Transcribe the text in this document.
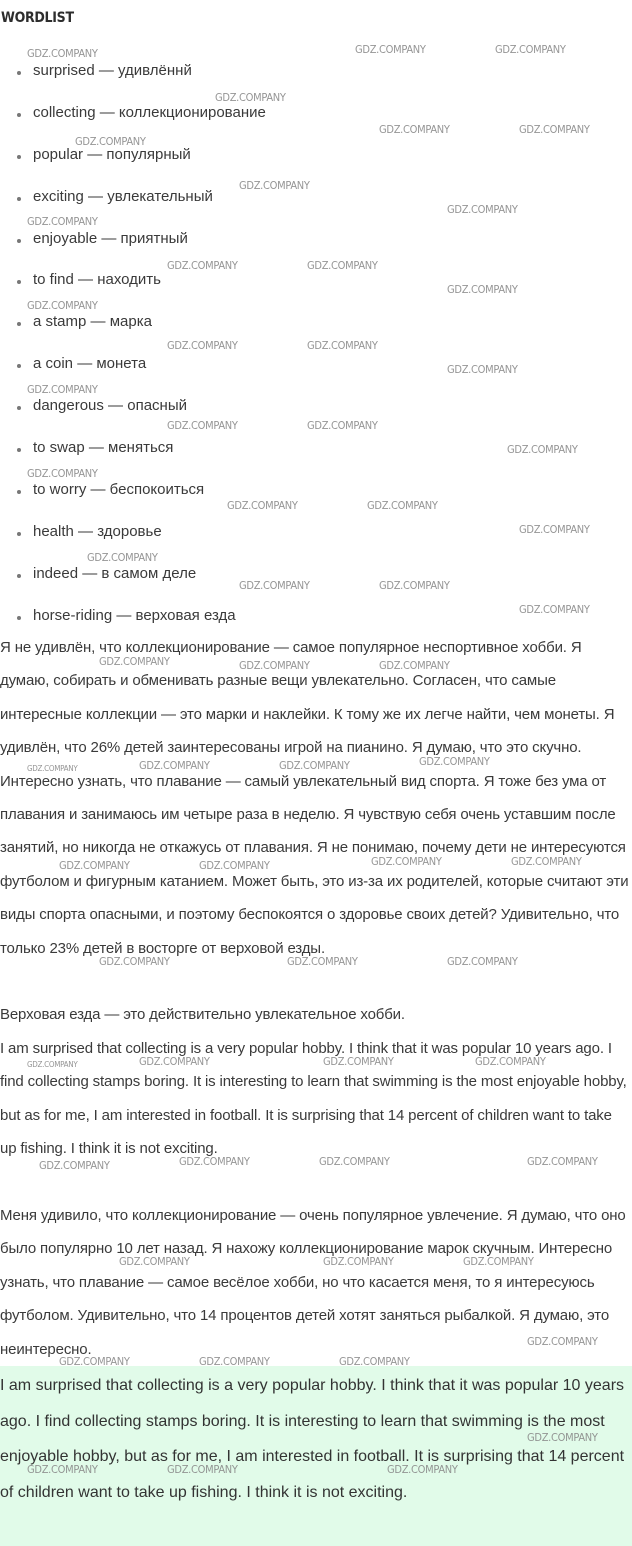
WORDLIST
surprised — удивлённй
collecting — коллекционирование
popular — популярный
exciting — увлекательный
enjoyable — приятный
to find — находить
a stamp — марка
a coin — монета
dangerous — опасный
to swap — меняться
to worry — беспокоиться
health — здоровье
indeed — в самом деле
horse-riding — верховая езда

Я не удивлён, что коллекционирование — самое популярное неспортивное хобби. Я думаю, собирать и обменивать разные вещи увлекательно. Согласен, что самые интересные коллекции — это марки и наклейки. К тому же их легче найти, чем монеты. Я удивлён, что 26% детей заинтересованы игрой на пианино. Я думаю, что это скучно. Интересно узнать, что плавание — самый увлекательный вид спорта. Я тоже без ума от плавания и занимаюсь им четыре раза в неделю. Я чувствую себя очень уставшим после занятий, но никогда не откажусь от плавания. Я не понимаю, почему дети не интересуются футболом и фигурным катанием. Может быть, это из-за их родителей, которые считают эти виды спорта опасными, и поэтому беспокоятся о здоровье своих детей? Удивительно, что только 23% детей в восторге от верховой езды.

Верховая езда — это действительно увлекательное хобби.

I am surprised that collecting is a very popular hobby. I think that it was popular 10 years ago. I find collecting stamps boring. It is interesting to learn that swimming is the most enjoyable hobby, but as for me, I am interested in football. It is surprising that 14 percent of children want to take up fishing. I think it is not exciting.

Меня удивило, что коллекционирование — очень популярное увлечение. Я думаю, что оно было популярно 10 лет назад. Я нахожу коллекционирование марок скучным. Интересно узнать, что плавание — самое весёлое хобби, но что касается меня, то я интересуюсь футболом. Удивительно, что 14 процентов детей хотят заняться рыбалкой. Я думаю, это неинтересно.

I am surprised that collecting is a very popular hobby. I think that it was popular 10 years ago. I find collecting stamps boring. It is interesting to learn that swimming is the most enjoyable hobby, but as for me, I am interested in football. It is surprising that 14 percent of children want to take up fishing. I think it is not exciting.

GDZ.COMPANY	GDZ.COMPANY	GDZ.COMPANY
GDZ.COMPANY
GDZ.COMPANY	GDZ.COMPANY
GDZ.COMPANY
GDZ.COMPANY
GDZ.COMPANY
GDZ.COMPANY
GDZ.COMPANY	GDZ.COMPANY
GDZ.COMPANY
GDZ.COMPANY
GDZ.COMPANY	GDZ.COMPANY
GDZ.COMPANY
GDZ.COMPANY
GDZ.COMPANY	GDZ.COMPANY
GDZ.COMPANY
GDZ.COMPANY
GDZ.COMPANY	GDZ.COMPANY
GDZ.COMPANY
GDZ.COMPANY
GDZ.COMPANY	GDZ.COMPANY
GDZ.COMPANY
GDZ.COMPANY	GDZ.COMPANY	GDZ.COMPANY
GDZ.COMPANY	GDZ.COMPANY	GDZ.COMPANY	GDZ.COMPANY
GDZ.COMPANY	GDZ.COMPANY	GDZ.COMPANY	GDZ.COMPANY
GDZ.COMPANY	GDZ.COMPANY	GDZ.COMPANY
GDZ.COMPANY	GDZ.COMPANY	GDZ.COMPANY	GDZ.COMPANY
GDZ.COMPANY	GDZ.COMPANY	GDZ.COMPANY	GDZ.COMPANY
GDZ.COMPANY	GDZ.COMPANY	GDZ.COMPANY
GDZ.COMPANY
GDZ.COMPANY	GDZ.COMPANY	GDZ.COMPANY
GDZ.COMPANY
GDZ.COMPANY	GDZ.COMPANY	GDZ.COMPANY
